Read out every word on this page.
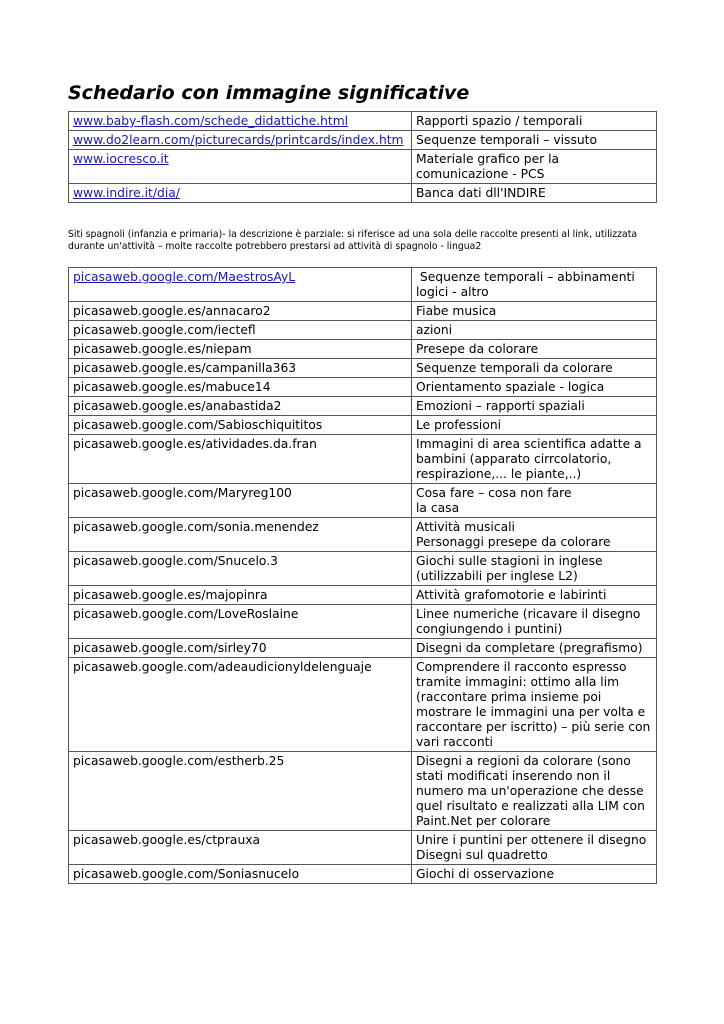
Schedario con immagine significative
www.baby-flash.com/schede_didattiche.html	Rapporti spazio / temporali

www.do2learn.com/picturecards/printcards/index.htm	Sequenze temporali – vissuto

www.iocresco.it	Materiale grafico per la comunicazione - PCS

www.indire.it/dia/	Banca dati dll'INDIRE

Siti spagnoli (infanzia e primaria)- la descrizione è parziale: si riferisce ad una sola delle raccolte presenti al link, utilizzata durante un'attività – molte raccolte potrebbero prestarsi ad attività di spagnolo - lingua2

picasaweb.google.com/MaestrosAyL	Sequenze temporali – abbinamenti logici - altro

picasaweb.google.es/annacaro2	Fiabe musica

picasaweb.google.com/iectefl	azioni

picasaweb.google.es/niepam	Presepe da colorare

picasaweb.google.es/campanilla363	Sequenze temporali da colorare

picasaweb.google.es/mabuce14	Orientamento spaziale - logica

picasaweb.google.es/anabastida2	Emozioni – rapporti spaziali

picasaweb.google.com/Sabioschiquititos	Le professioni

picasaweb.google.es/atividades.da.fran	Immagini di area scientifica adatte a bambini (apparato cirrcolatorio, respirazione,... le piante,..)

picasaweb.google.com/Maryreg100	Cosa fare – cosa non fare
la casa

picasaweb.google.com/sonia.menendez	Attività musicali
Personaggi presepe da colorare

picasaweb.google.com/Snucelo.3	Giochi sulle stagioni in inglese (utilizzabili per inglese L2)

picasaweb.google.es/majopinra	Attività grafomotorie e labirinti

picasaweb.google.com/LoveRoslaine	Linee numeriche (ricavare il disegno congiungendo i puntini)

picasaweb.google.com/sirley70	Disegni da completare (pregrafismo)

picasaweb.google.com/adeaudicionyldelenguaje	Comprendere il racconto espresso tramite immagini: ottimo alla lim (raccontare prima insieme poi mostrare le immagini una per volta e raccontare per iscritto) – più serie con vari racconti

picasaweb.google.com/estherb.25	Disegni a regioni da colorare (sono stati modificati inserendo non il numero ma un'operazione che desse quel risultato e realizzati alla LIM con Paint.Net per colorare

picasaweb.google.es/ctprauxa	Unire i puntini per ottenere il disegno
Disegni sul quadretto

picasaweb.google.com/Soniasnucelo	Giochi di osservazione
